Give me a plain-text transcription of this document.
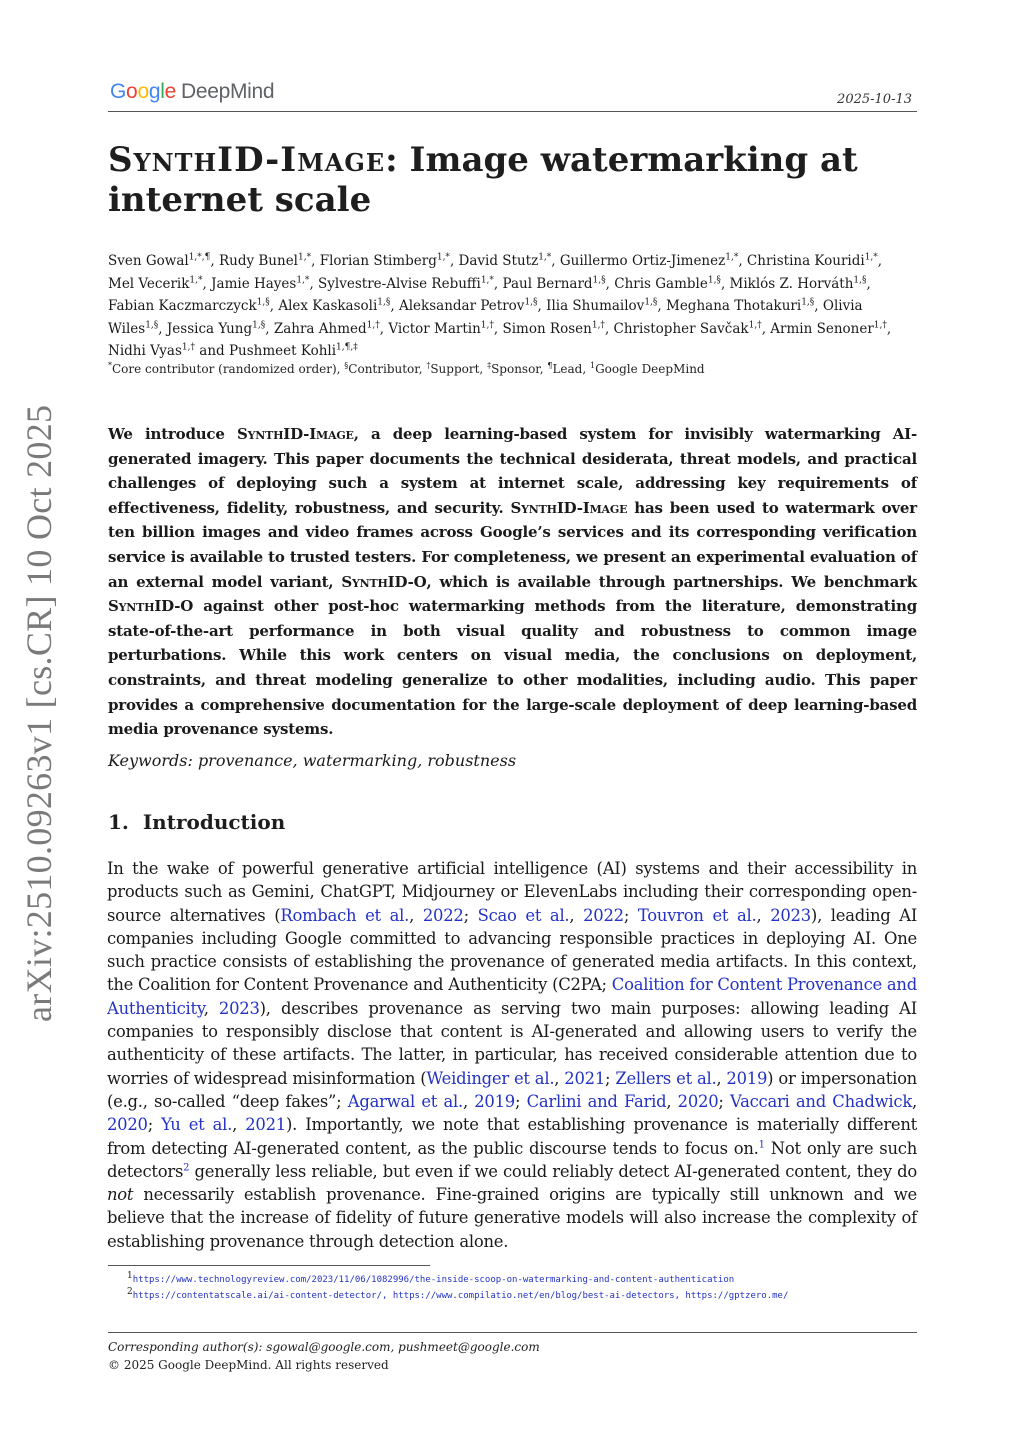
Google DeepMind	2025-10-13
SynthID-Image: Image watermarking at
internet scale
Sven Gowal$^{1,*,\P}$, Rudy Bunel$^{1,*}$, Florian Stimberg$^{1,*}$, David Stutz$^{1,*}$, Guillermo Ortiz-Jimenez$^{1,*}$, Christina Kouridi$^{1,*}$, Mel Vecerik$^{1,*}$, Jamie Hayes$^{1,*}$, Sylvestre-Alvise Rebuffi$^{1,*}$, Paul Bernard$^{1,\S}$, Chris Gamble$^{1,\S}$, Miklós Z. Horváth$^{1,\S}$, Fabian Kaczmarczyck$^{1,\S}$, Alex Kaskasoli$^{1,\S}$, Aleksandar Petrov$^{1,\S}$, Ilia Shumailov$^{1,\S}$, Meghana Thotakuri$^{1,\S}$, Olivia Wiles$^{1,\S}$, Jessica Yung$^{1,\S}$, Zahra Ahmed$^{1,\dagger}$, Victor Martin$^{1,\dagger}$, Simon Rosen$^{1,\dagger}$, Christopher Savčak$^{1,\dagger}$, Armin Senoner$^{1,\dagger}$, Nidhi Vyas$^{1,\dagger}$ and Pushmeet Kohli$^{1,\P,\ddagger}$
*Core contributor (randomized order), §Contributor, †Support, ‡Sponsor, ¶Lead, $^1$Google DeepMind
We introduce SynthID-Image, a deep learning-based system for invisibly watermarking AI-generated imagery. This paper documents the technical desiderata, threat models, and practical challenges of deploying such a system at internet scale, addressing key requirements of effectiveness, fidelity, robustness, and security. SynthID-Image has been used to watermark over ten billion images and video frames across Google’s services and its corresponding verification service is available to trusted testers. For completeness, we present an experimental evaluation of an external model variant, SynthID-O, which is available through partnerships. We benchmark SynthID-O against other post-hoc watermarking methods from the literature, demonstrating state-of-the-art performance in both visual quality and robustness to common image perturbations. While this work centers on visual media, the conclusions on deployment, constraints, and threat modeling generalize to other modalities, including audio. This paper provides a comprehensive documentation for the large-scale deployment of deep learning-based media provenance systems.
Keywords: provenance, watermarking, robustness
1. Introduction
In the wake of powerful generative artificial intelligence (AI) systems and their accessibility in products such as Gemini, ChatGPT, Midjourney or ElevenLabs including their corresponding open-source alternatives (Rombach et al., 2022; Scao et al., 2022; Touvron et al., 2023), leading AI companies including Google committed to advancing responsible practices in deploying AI. One such practice consists of establishing the provenance of generated media artifacts. In this context, the Coalition for Content Provenance and Authenticity (C2PA; Coalition for Content Provenance and Authenticity, 2023), describes provenance as serving two main purposes: allowing leading AI companies to responsibly disclose that content is AI-generated and allowing users to verify the authenticity of these artifacts. The latter, in particular, has received considerable attention due to worries of widespread misinformation (Weidinger et al., 2021; Zellers et al., 2019) or impersonation (e.g., so-called “deep fakes”; Agarwal et al., 2019; Carlini and Farid, 2020; Vaccari and Chadwick, 2020; Yu et al., 2021). Importantly, we note that establishing provenance is materially different from detecting AI-generated content, as the public discourse tends to focus on.$^1$ Not only are such detectors$^2$ generally less reliable, but even if we could reliably detect AI-generated content, they do not necessarily establish provenance. Fine-grained origins are typically still unknown and we believe that the increase of fidelity of future generative models will also increase the complexity of establishing provenance through detection alone.
$^1$https://www.technologyreview.com/2023/11/06/1082996/the-inside-scoop-on-watermarking-and-content-authentication
$^2$https://contentatscale.ai/ai-content-detector/, https://www.compilatio.net/en/blog/best-ai-detectors, https://gptzero.me/
Corresponding author(s): sgowal@google.com, pushmeet@google.com
© 2025 Google DeepMind. All rights reserved
arXiv:2510.09263v1 [cs.CR] 10 Oct 2025
